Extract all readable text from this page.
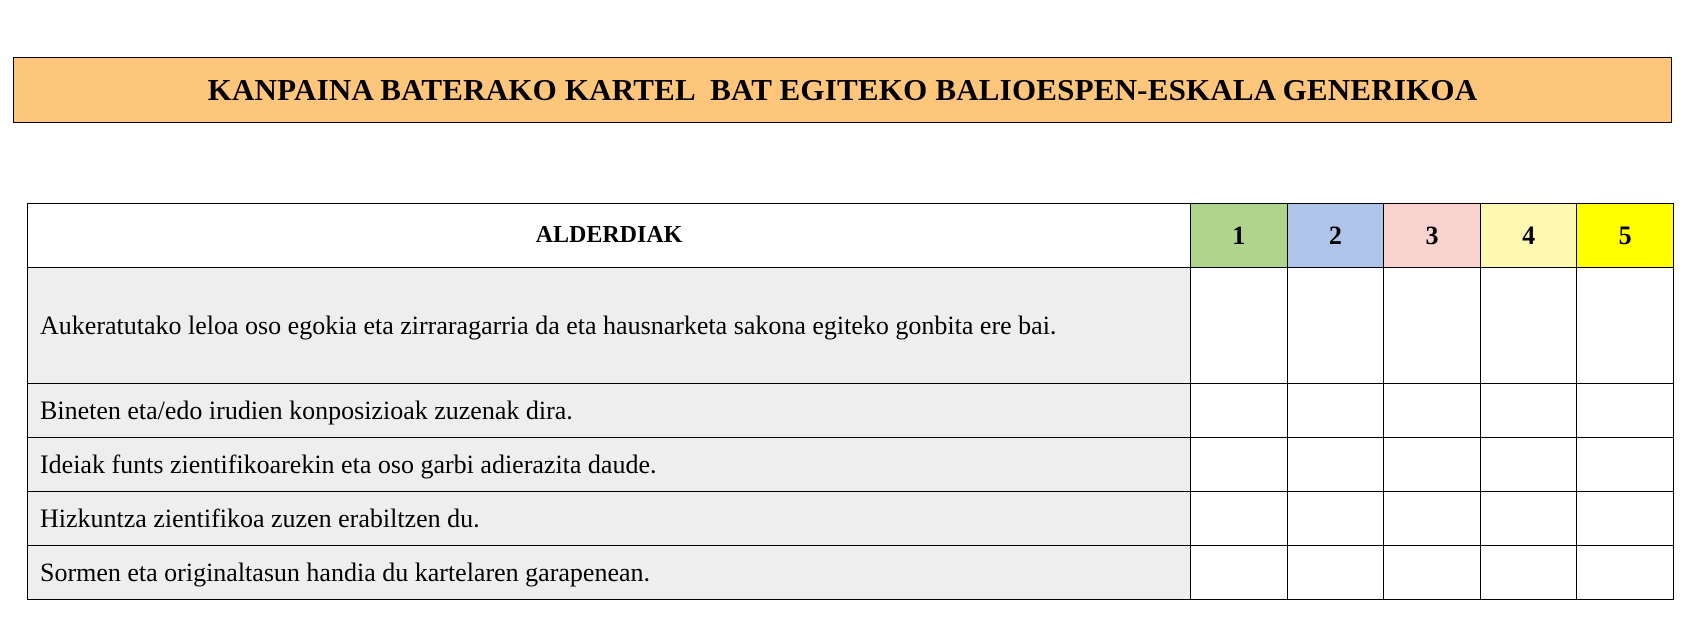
KANPAINA BATERAKO KARTEL  BAT EGITEKO BALIOESPEN-ESKALA GENERIKOA
ALDERDIAK	1	2	3	4	5
Aukeratutako leloa oso egokia eta zirraragarria da eta hausnarketa sakona egiteko gonbita ere bai.					
Bineten eta/edo irudien konposizioak zuzenak dira.					
Ideiak funts zientifikoarekin eta oso garbi adierazita daude.					
Hizkuntza zientifikoa zuzen erabiltzen du.					
Sormen eta originaltasun handia du kartelaren garapenean.					
